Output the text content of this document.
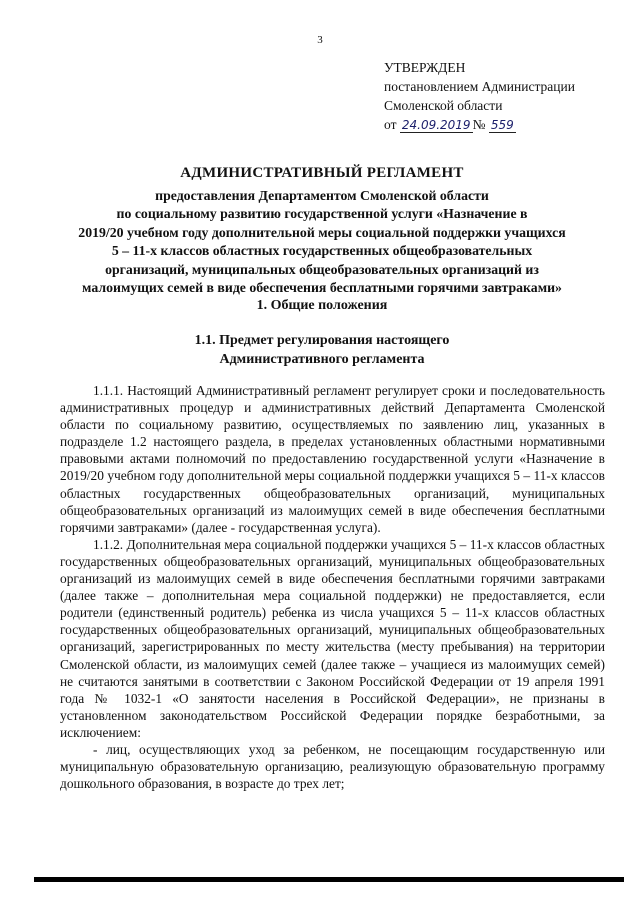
3
УТВЕРЖДЕН
постановлением Администрации
Смоленской области
от 24.09.2019 № 559
АДМИНИСТРАТИВНЫЙ РЕГЛАМЕНТ
предоставления Департаментом Смоленской области
по социальному развитию государственной услуги «Назначение в
2019/20 учебном году дополнительной меры социальной поддержки учащихся
5 – 11-х классов областных государственных общеобразовательных
организаций, муниципальных общеобразовательных организаций из
малоимущих семей в виде обеспечения бесплатными горячими завтраками»
1. Общие положения
1.1. Предмет регулирования настоящего
Административного регламента

1.1.1. Настоящий Административный регламент регулирует сроки и последовательность административных процедур и административных действий Департамента Смоленской области по социальному развитию, осуществляемых по заявлению лиц, указанных в подразделе 1.2 настоящего раздела, в пределах установленных областными нормативными правовыми актами полномочий по предоставлению государственной услуги «Назначение в 2019/20 учебном году дополнительной меры социальной поддержки учащихся 5 – 11-х классов областных государственных общеобразовательных организаций, муниципальных общеобразовательных организаций из малоимущих семей в виде обеспечения бесплатными горячими завтраками» (далее - государственная услуга).

1.1.2. Дополнительная мера социальной поддержки учащихся 5 – 11-х классов областных государственных общеобразовательных организаций, муниципальных общеобразовательных организаций из малоимущих семей в виде обеспечения бесплатными горячими завтраками (далее также – дополнительная мера социальной поддержки) не предоставляется, если родители (единственный родитель) ребенка из числа учащихся 5 – 11-х классов областных государственных общеобразовательных организаций, муниципальных общеобразовательных организаций, зарегистрированных по месту жительства (месту пребывания) на территории Смоленской области, из малоимущих семей (далее также – учащиеся из малоимущих семей) не считаются занятыми в соответствии с Законом Российской Федерации от 19 апреля 1991 года № 1032-1 «О занятости населения в Российской Федерации», не признаны в установленном законодательством Российской Федерации порядке безработными, за исключением:

- лиц, осуществляющих уход за ребенком, не посещающим государственную или муниципальную образовательную организацию, реализующую образовательную программу дошкольного образования, в возрасте до трех лет;
